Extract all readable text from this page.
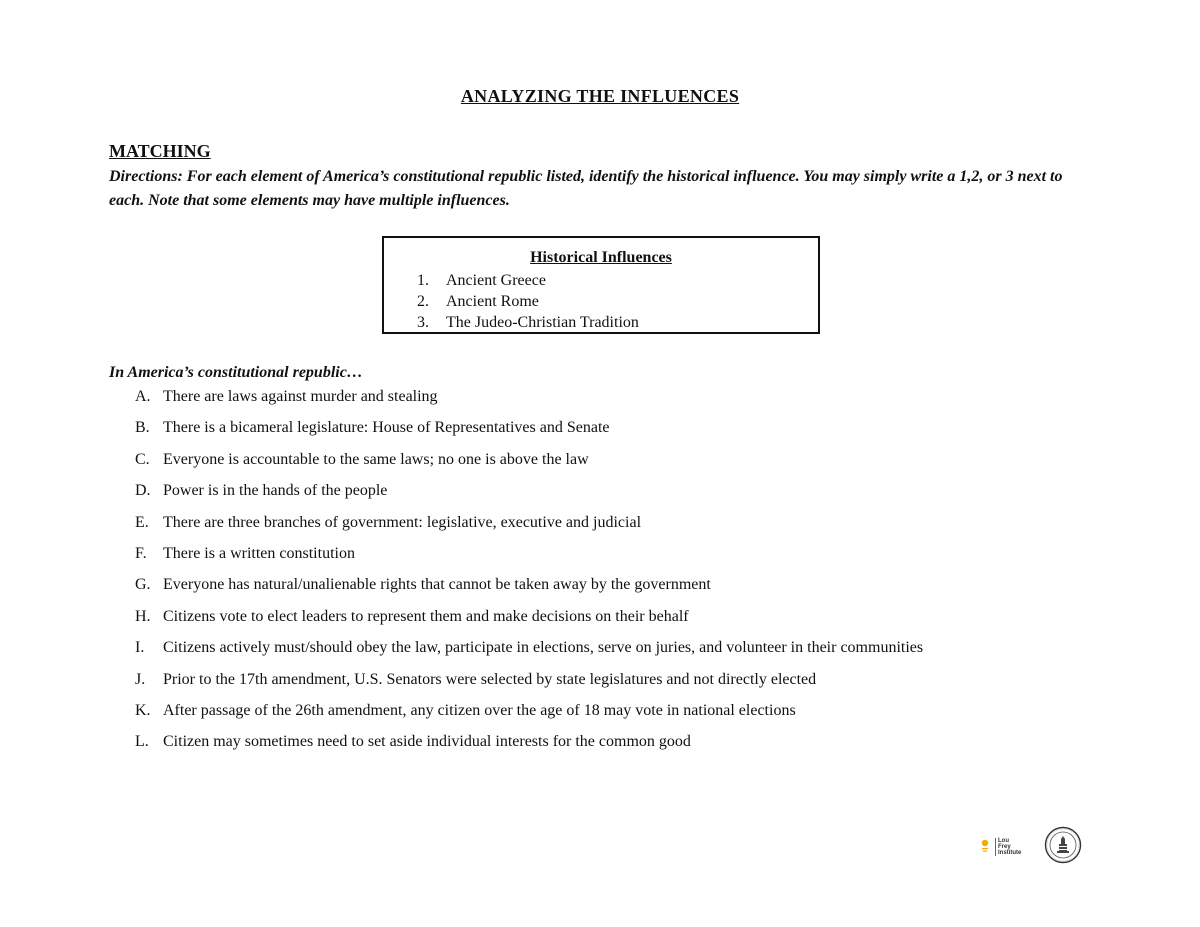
ANALYZING THE INFLUENCES
MATCHING
Directions: For each element of America’s constitutional republic listed, identify the historical influence. You may simply write a 1,2, or 3 next to each. Note that some elements may have multiple influences.
Historical Influences
1. Ancient Greece
2. Ancient Rome
3. The Judeo-Christian Tradition
In America’s constitutional republic…
A. There are laws against murder and stealing
B. There is a bicameral legislature: House of Representatives and Senate
C. Everyone is accountable to the same laws; no one is above the law
D. Power is in the hands of the people
E. There are three branches of government: legislative, executive and judicial
F. There is a written constitution
G. Everyone has natural/unalienable rights that cannot be taken away by the government
H. Citizens vote to elect leaders to represent them and make decisions on their behalf
I. Citizens actively must/should obey the law, participate in elections, serve on juries, and volunteer in their communities
J. Prior to the 17th amendment, U.S. Senators were selected by state legislatures and not directly elected
K. After passage of the 26th amendment, any citizen over the age of 18 may vote in national elections
L. Citizen may sometimes need to set aside individual interests for the common good
Lou Frey Institute
